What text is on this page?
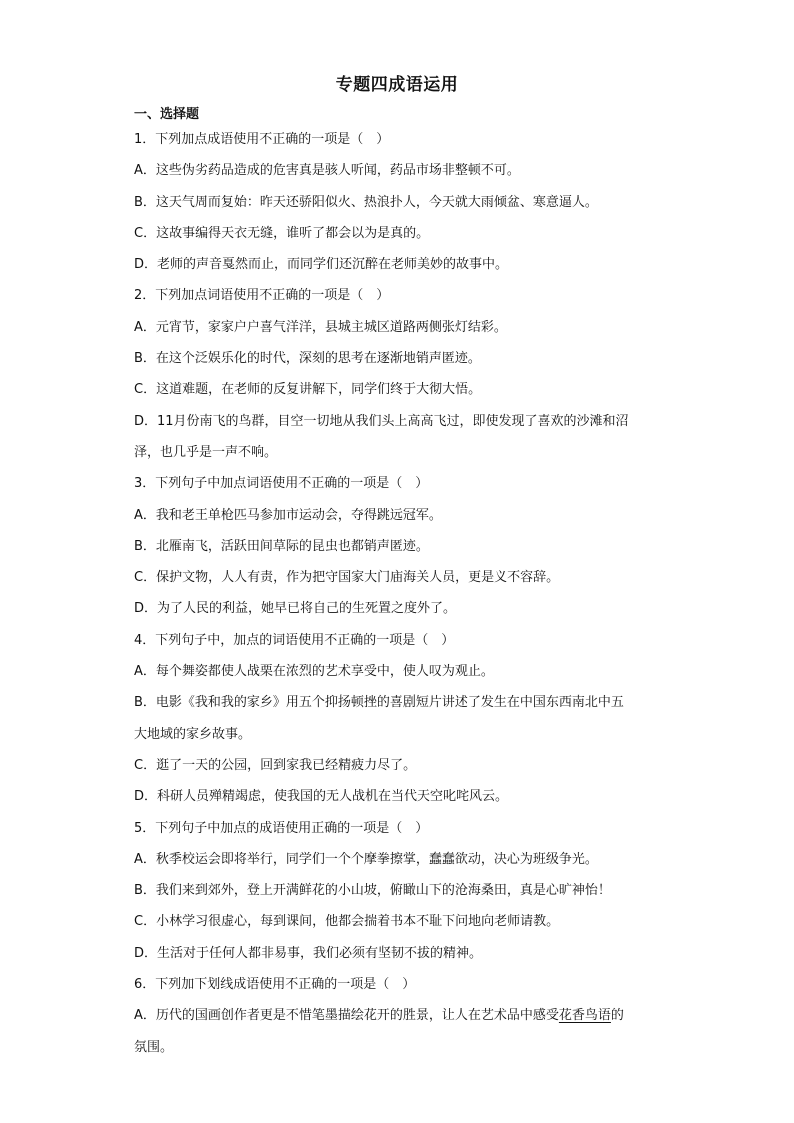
专题四成语运用
一、选择题
1．下列加点成语使用不正确的一项是（　）
A．这些伪劣药品造成的危害真是骇人听闻，药品市场非整顿不可。
B．这天气周而复始：昨天还骄阳似火、热浪扑人，今天就大雨倾盆、寒意逼人。
C．这故事编得天衣无缝，谁听了都会以为是真的。
D．老师的声音戛然而止，而同学们还沉醉在老师美妙的故事中。
2．下列加点词语使用不正确的一项是（　）
A．元宵节，家家户户喜气洋洋，县城主城区道路两侧张灯结彩。
B．在这个泛娱乐化的时代，深刻的思考在逐渐地销声匿迹。
C．这道难题，在老师的反复讲解下，同学们终于大彻大悟。
D．11月份南飞的鸟群，目空一切地从我们头上高高飞过，即使发现了喜欢的沙滩和沼
泽，也几乎是一声不响。
3．下列句子中加点词语使用不正确的一项是（　）
A．我和老王单枪匹马参加市运动会，夺得跳远冠军。
B．北雁南飞，活跃田间草际的昆虫也都销声匿迹。
C．保护文物，人人有责，作为把守国家大门庙海关人员，更是义不容辞。
D．为了人民的利益，她早已将自己的生死置之度外了。
4．下列句子中，加点的词语使用不正确的一项是（　）
A．每个舞姿都使人战栗在浓烈的艺术享受中，使人叹为观止。
B．电影《我和我的家乡》用五个抑扬顿挫的喜剧短片讲述了发生在中国东西南北中五
大地域的家乡故事。
C．逛了一天的公园，回到家我已经精疲力尽了。
D．科研人员殚精竭虑，使我国的无人战机在当代天空叱咤风云。
5．下列句子中加点的成语使用正确的一项是（　）
A．秋季校运会即将举行，同学们一个个摩拳擦掌，蠢蠢欲动，决心为班级争光。
B．我们来到郊外，登上开满鲜花的小山坡，俯瞰山下的沧海桑田，真是心旷神怡！
C．小林学习很虚心，每到课间，他都会揣着书本不耻下问地向老师请教。
D．生活对于任何人都非易事，我们必须有坚韧不拔的精神。
6．下列加下划线成语使用不正确的一项是（　）
A．历代的国画创作者更是不惜笔墨描绘花开的胜景，让人在艺术品中感受花香鸟语的
氛围。
